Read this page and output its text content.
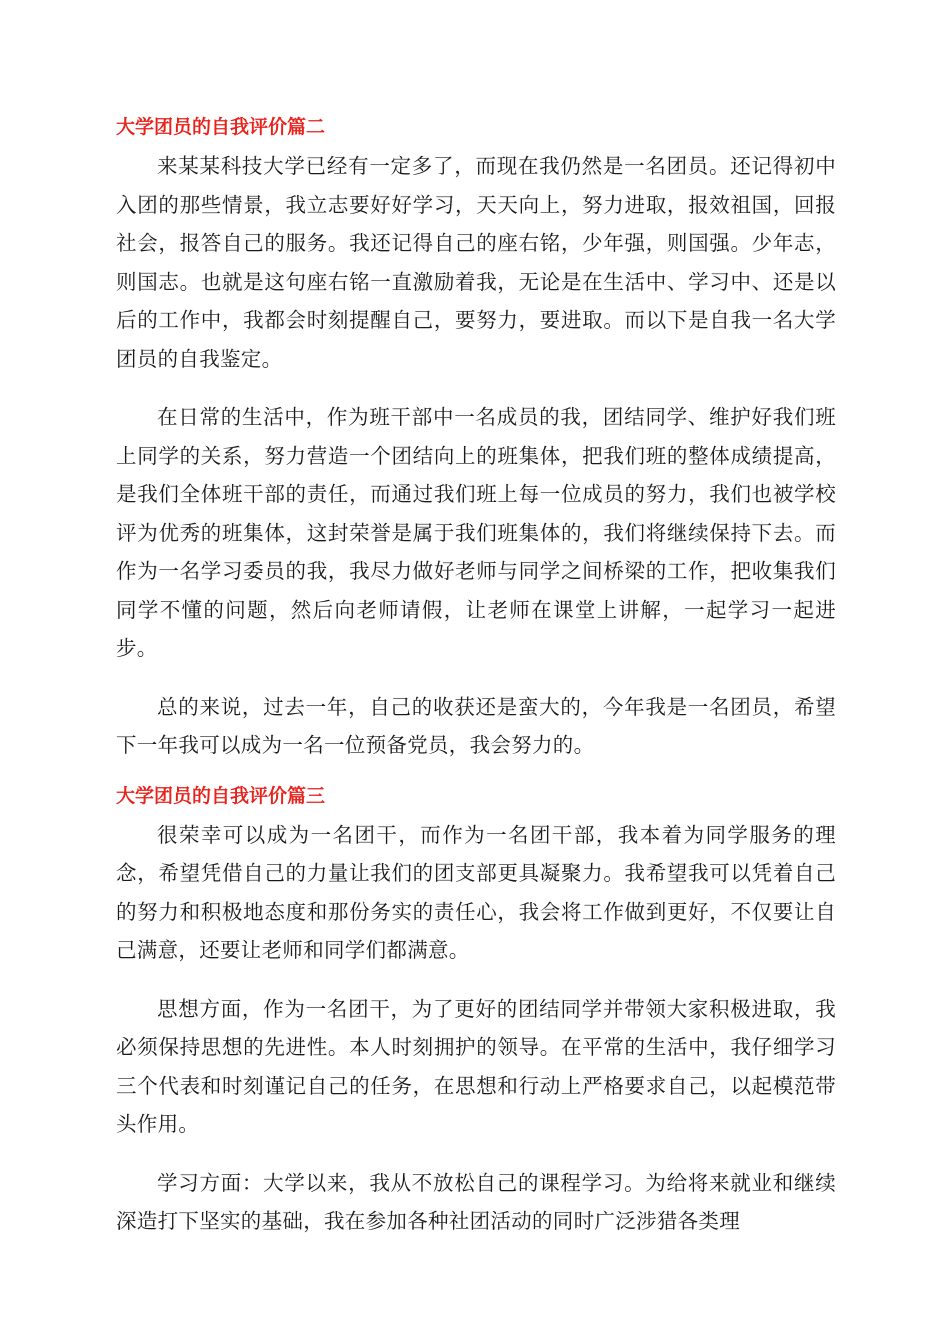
大学团员的自我评价篇二

来某某科技大学已经有一定多了，而现在我仍然是一名团员。还记得初中入团的那些情景，我立志要好好学习，天天向上，努力进取，报效祖国，回报社会，报答自己的服务。我还记得自己的座右铭，少年强，则国强。少年志，则国志。也就是这句座右铭一直激励着我，无论是在生活中、学习中、还是以后的工作中，我都会时刻提醒自己，要努力，要进取。而以下是自我一名大学团员的自我鉴定。

在日常的生活中，作为班干部中一名成员的我，团结同学、维护好我们班上同学的关系，努力营造一个团结向上的班集体，把我们班的整体成绩提高，是我们全体班干部的责任，而通过我们班上每一位成员的努力，我们也被学校评为优秀的班集体，这封荣誉是属于我们班集体的，我们将继续保持下去。而作为一名学习委员的我，我尽力做好老师与同学之间桥梁的工作，把收集我们同学不懂的问题，然后向老师请假，让老师在课堂上讲解，一起学习一起进步。

总的来说，过去一年，自己的收获还是蛮大的，今年我是一名团员，希望下一年我可以成为一名一位预备党员，我会努力的。

大学团员的自我评价篇三

很荣幸可以成为一名团干，而作为一名团干部，我本着为同学服务的理念，希望凭借自己的力量让我们的团支部更具凝聚力。我希望我可以凭着自己的努力和积极地态度和那份务实的责任心，我会将工作做到更好，不仅要让自己满意，还要让老师和同学们都满意。

思想方面，作为一名团干，为了更好的团结同学并带领大家积极进取，我必须保持思想的先进性。本人时刻拥护的领导。在平常的生活中，我仔细学习三个代表和时刻谨记自己的任务，在思想和行动上严格要求自己，以起模范带头作用。

学习方面：大学以来，我从不放松自己的课程学习。为给将来就业和继续深造打下坚实的基础，我在参加各种社团活动的同时广泛涉猎各类理
